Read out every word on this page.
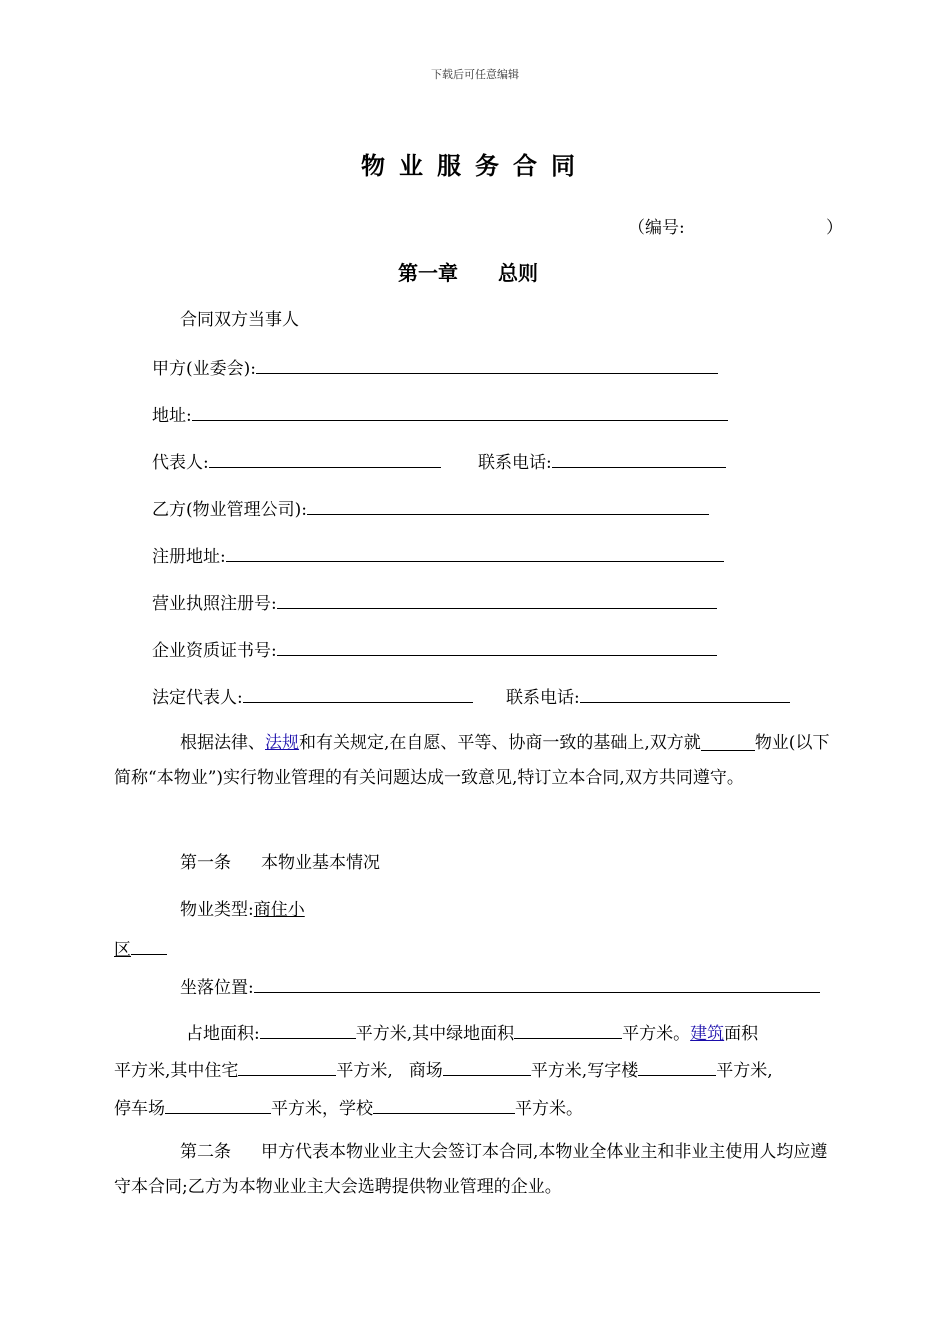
下载后可任意编辑
物业服务合同
（编号:	）
第一章 总则
合同双方当事人
甲方(业委会):
地址:
代表人:	联系电话:
乙方(物业管理公司):
注册地址:
营业执照注册号:
企业资质证书号:
法定代表人:	联系电话:
根据法律、法规和有关规定,在自愿、平等、协商一致的基础上,双方就	物业(以下简称“本物业”)实行物业管理的有关问题达成一致意见,特订立本合同,双方共同遵守。
第一条 本物业基本情况
物业类型:商住小
区
坐落位置:
占地面积:	平方米,其中绿地面积	平方米。建筑面积
平方米,其中住宅	平方米, 商场	平方米,写字楼	平方米,
停车场	平方米，学校	平方米。
第二条 甲方代表本物业业主大会签订本合同,本物业全体业主和非业主使用人均应遵守本合同;乙方为本物业业主大会选聘提供物业管理的企业。
